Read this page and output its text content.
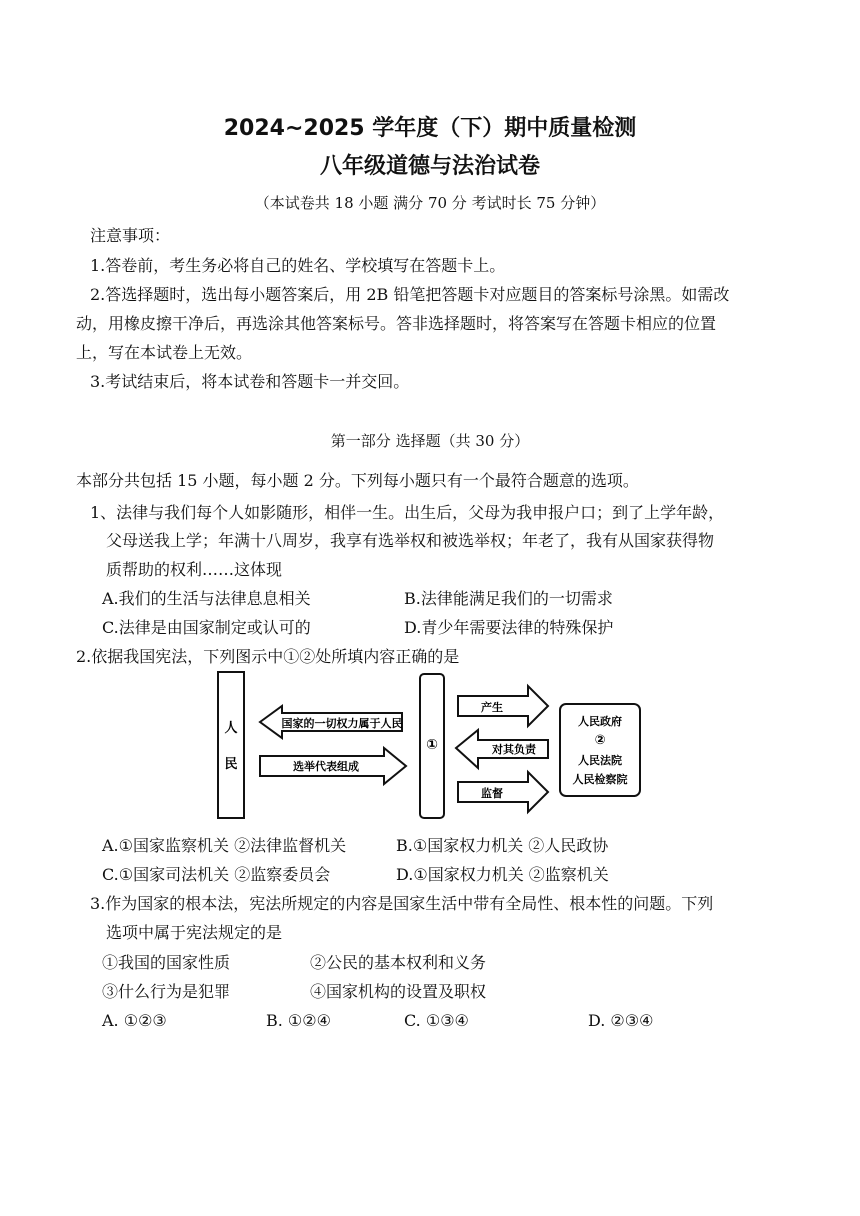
2024~2025 学年度（下）期中质量检测
八年级道德与法治试卷
（本试卷共 18 小题 满分 70 分 考试时长 75 分钟）
注意事项：
1.答卷前，考生务必将自己的姓名、学校填写在答题卡上。
2.答选择题时，选出每小题答案后，用 2B 铅笔把答题卡对应题目的答案标号涂黑。如需改
动，用橡皮擦干净后，再选涂其他答案标号。答非选择题时，将答案写在答题卡相应的位置
上，写在本试卷上无效。
3.考试结束后，将本试卷和答题卡一并交回。
第一部分 选择题（共 30 分）
本部分共包括 15 小题，每小题 2 分。下列每小题只有一个最符合题意的选项。
1、法律与我们每个人如影随形，相伴一生。出生后，父母为我申报户口；到了上学年龄，
父母送我上学；年满十八周岁，我享有选举权和被选举权；年老了，我有从国家获得物
质帮助的权利……这体现
A.我们的生活与法律息息相关	B.法律能满足我们的一切需求
C.法律是由国家制定或认可的	D.青少年需要法律的特殊保护
2.依据我国宪法，下列图示中①②处所填内容正确的是
人
民
国家的一切权力属于人民
选举代表组成
①
产生
对其负责
监督
人民政府
②
人民法院
人民检察院
A.①国家监察机关 ②法律监督机关	B.①国家权力机关 ②人民政协
C.①国家司法机关 ②监察委员会	D.①国家权力机关 ②监察机关
3.作为国家的根本法，宪法所规定的内容是国家生活中带有全局性、根本性的问题。下列
选项中属于宪法规定的是
①我国的国家性质	②公民的基本权利和义务
③什么行为是犯罪	④国家机构的设置及职权
A. ①②③	B. ①②④	C. ①③④	D. ②③④
